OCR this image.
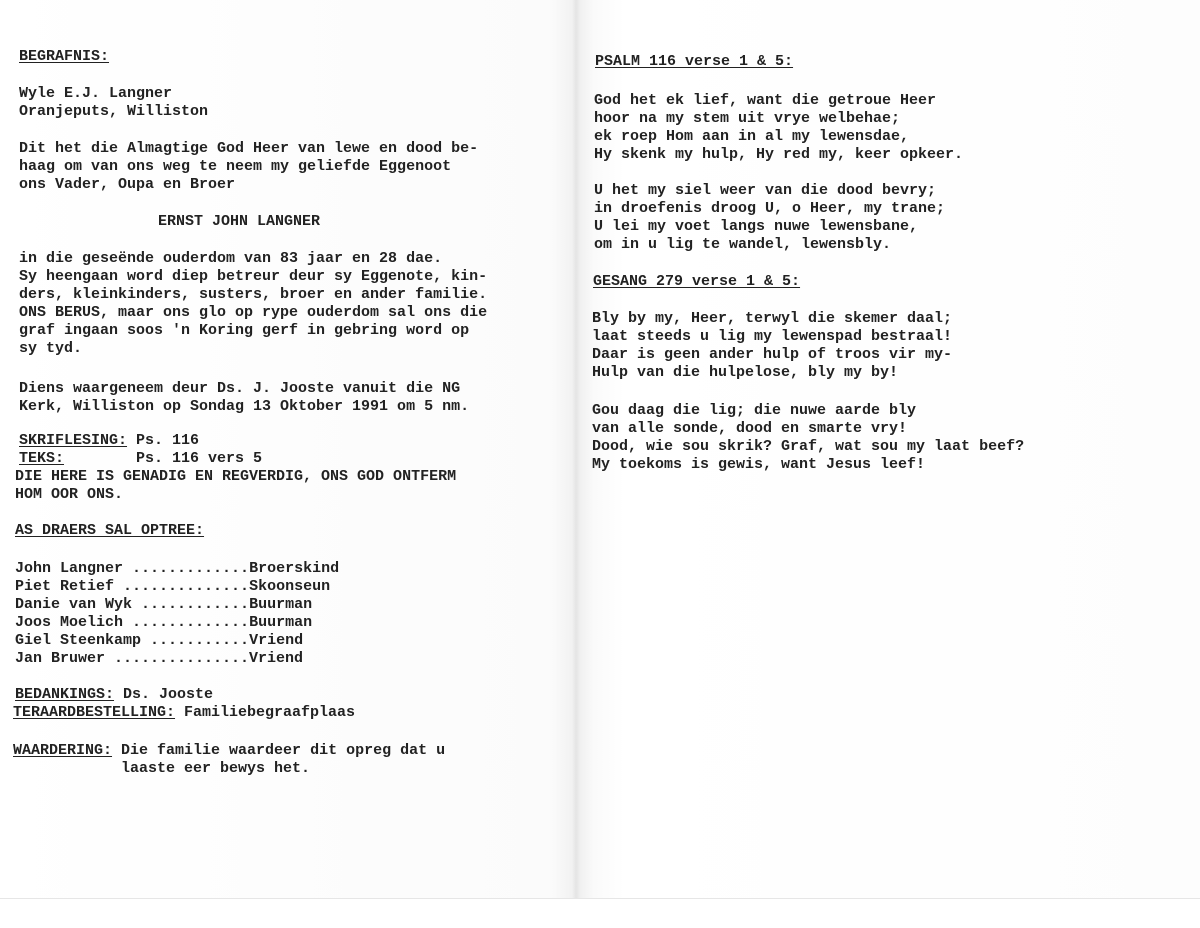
BEGRAFNIS:
Wyle E.J. Langner
Oranjeputs, Williston
Dit het die Almagtige God Heer van lewe en dood be-
haag om van ons weg te neem my geliefde Eggenoot
ons Vader, Oupa en Broer
ERNST JOHN LANGNER
in die geseënde ouderdom van 83 jaar en 28 dae.
Sy heengaan word diep betreur deur sy Eggenote, kin-
ders, kleinkinders, susters, broer en ander familie.
ONS BERUS, maar ons glo op rype ouderdom sal ons die
graf ingaan soos 'n Koring gerf in gebring word op
sy tyd.
Diens waargeneem deur Ds. J. Jooste vanuit die NG
Kerk, Williston op Sondag 13 Oktober 1991 om 5 nm.
SKRIFLESING: Ps. 116
TEKS:        Ps. 116 vers 5
DIE HERE IS GENADIG EN REGVERDIG, ONS GOD ONTFERM
HOM OOR ONS.
AS DRAERS SAL OPTREE:
John Langner .............Broerskind
Piet Retief ..............Skoonseun
Danie van Wyk ............Buurman
Joos Moelich .............Buurman
Giel Steenkamp ...........Vriend
Jan Bruwer ...............Vriend
BEDANKINGS: Ds. Jooste
TERAARDBESTELLING: Familiebegraafplaas
WAARDERING: Die familie waardeer dit opreg dat u
laaste eer bewys het.
PSALM 116 verse 1 & 5:
God het ek lief, want die getroue Heer
hoor na my stem uit vrye welbehae;
ek roep Hom aan in al my lewensdae,
Hy skenk my hulp, Hy red my, keer opkeer.
U het my siel weer van die dood bevry;
in droefenis droog U, o Heer, my trane;
U lei my voet langs nuwe lewensbane,
om in u lig te wandel, lewensbly.
GESANG 279 verse 1 & 5:
Bly by my, Heer, terwyl die skemer daal;
laat steeds u lig my lewenspad bestraal!
Daar is geen ander hulp of troos vir my-
Hulp van die hulpelose, bly my by!
Gou daag die lig; die nuwe aarde bly
van alle sonde, dood en smarte vry!
Dood, wie sou skrik? Graf, wat sou my laat beef?
My toekoms is gewis, want Jesus leef!
